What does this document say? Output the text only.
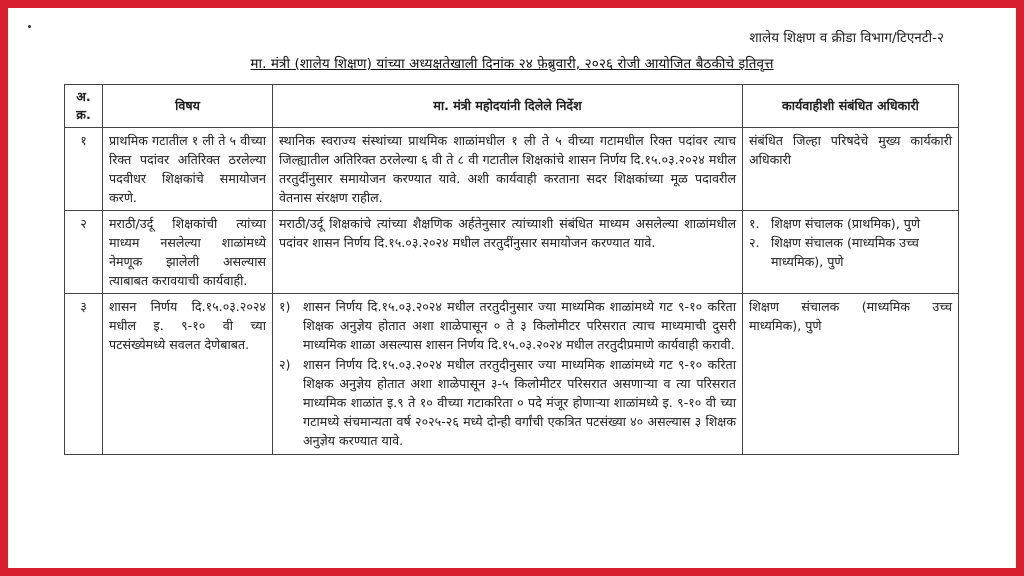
शालेय शिक्षण व क्रीडा विभाग/टिएनटी-२
मा. मंत्री (शालेय शिक्षण) यांच्या अध्यक्षतेखाली दिनांक २४ फ़ेब्रुवारी, २०२६ रोजी आयोजित बैठकीचे इतिवृत्त
अ. क्र.	विषय	मा. मंत्री महोदयांनी दिलेले निर्देश	कार्यवाहीशी संबंधित अधिकारी
१	प्राथमिक गटातील १ ली ते ५ वीच्या रिक्त पदांवर अतिरिक्त ठरलेल्या पदवीधर शिक्षकांचे समायोजन करणे.	स्थानिक स्वराज्य संस्थांच्या प्राथमिक शाळांमधील १ ली ते ५ वीच्या गटामधील रिक्त पदांवर त्याच जिल्ह्यातील अतिरिक्त ठरलेल्या ६ वी ते ८ वी गटातील शिक्षकांचे शासन निर्णय दि.१५.०३.२०२४ मधील तरतुदींनुसार समायोजन करण्यात यावे. अशी कार्यवाही करताना सदर शिक्षकांच्या मूळ पदावरील वेतनास संरक्षण राहील.	संबंधित जिल्हा परिषदेचे मुख्य कार्यकारी अधिकारी
२	मराठी/उर्दू शिक्षकांची त्यांच्या माध्यम नसलेल्या शाळांमध्ये नेमणूक झालेली असल्यास त्याबाबत करावयाची कार्यवाही.	मराठी/उर्दू शिक्षकांचे त्यांच्या शैक्षणिक अर्हतेनुसार त्यांच्याशी संबंधित माध्यम असलेल्या शाळांमधील पदांवर शासन निर्णय दि.१५.०३.२०२४ मधील तरतुदींनुसार समायोजन करण्यात यावे.	१. शिक्षण संचालक (प्राथमिक), पुणे
२. शिक्षण संचालक (माध्यमिक उच्च माध्यमिक), पुणे

३	शासन निर्णय दि.१५.०३.२०२४ मधील इ. ९-१० वी च्या पटसंख्येमध्ये सवलत देणेबाबत.	१) शासन निर्णय दि.१५.०३.२०२४ मधील तरतुदीनुसार ज्या माध्यमिक शाळांमध्ये गट ९-१० करिता शिक्षक अनुज्ञेय होतात अशा शाळेपासून ० ते ३ किलोमीटर परिसरात त्याच माध्यमाची दुसरी माध्यमिक शाळा असल्यास शासन निर्णय दि.१५.०३.२०२४ मधील तरतुदीप्रमाणे कार्यवाही करावी.
२) शासन निर्णय दि.१५.०३.२०२४ मधील तरतुदीनुसार ज्या माध्यमिक शाळांमध्ये गट ९-१० करिता शिक्षक अनुज्ञेय होतात अशा शाळेपासून ३-५ किलोमीटर परिसरात असणाऱ्या व त्या परिसरात माध्यमिक शाळांत इ.९ ते १० वीच्या गटाकरिता ० पदे मंजूर होणाऱ्या शाळांमध्ये इ. ९-१० वी च्या गटामध्ये संचमान्यता वर्ष २०२५-२६ मध्ये दोन्ही वर्गांची एकत्रित पटसंख्या ४० असल्यास ३ शिक्षक अनुज्ञेय करण्यात यावे.	शिक्षण संचालक (माध्यमिक उच्च माध्यमिक), पुणे
